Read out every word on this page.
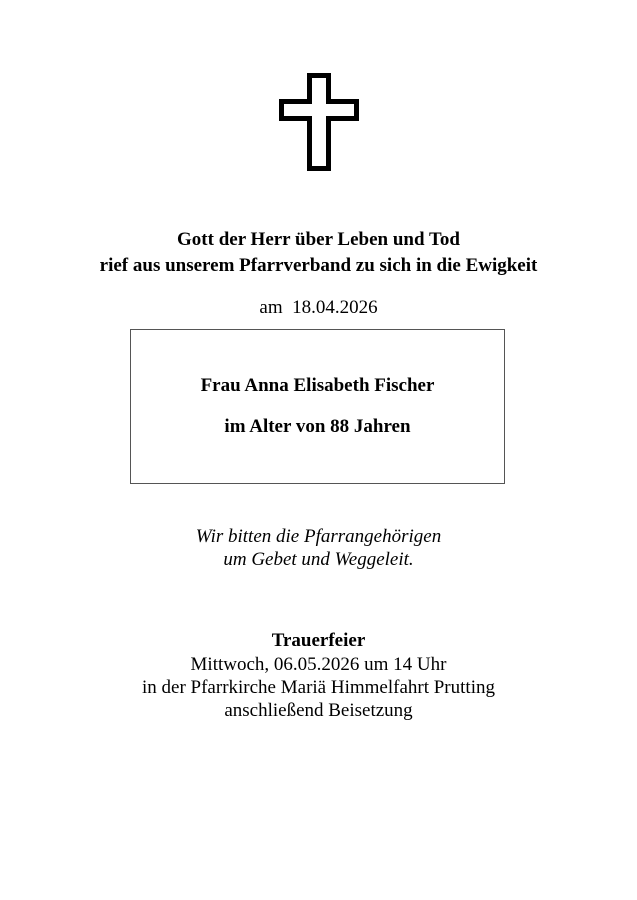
Gott der Herr über Leben und Tod
rief aus unserem Pfarrverband zu sich in die Ewigkeit
am 18.04.2026
Frau Anna Elisabeth Fischer
im Alter von 88 Jahren
Wir bitten die Pfarrangehörigen
um Gebet und Weggeleit.
Trauerfeier
Mittwoch, 06.05.2026 um 14 Uhr
in der Pfarrkirche Mariä Himmelfahrt Prutting
anschließend Beisetzung
